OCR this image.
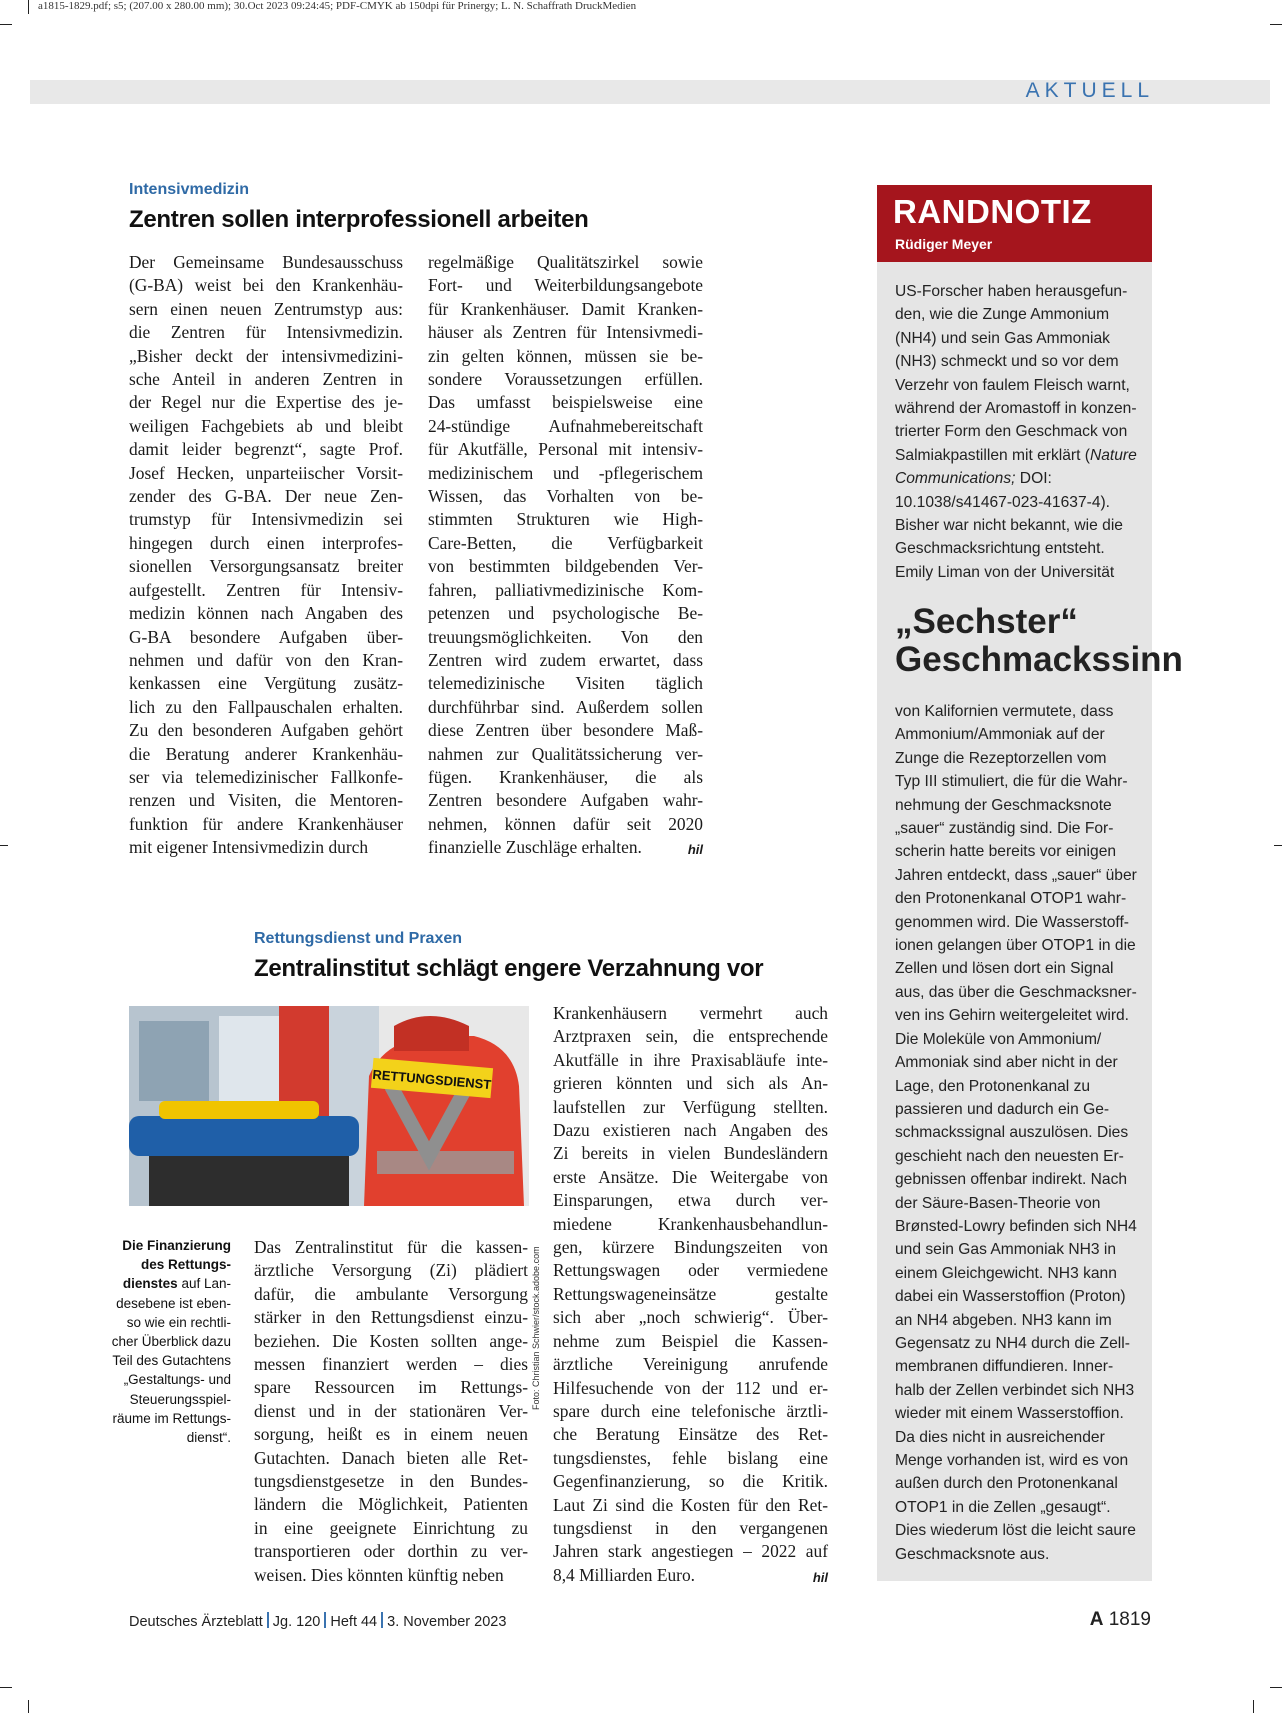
a1815-1829.pdf; s5; (207.00 x 280.00 mm); 30.Oct 2023 09:24:45; PDF-CMYK ab 150dpi für Prinergy; L. N. Schaffrath DruckMedien
AKTUELL
Intensivmedizin
Zentren sollen interprofessionell arbeiten
Der Gemeinsame Bundesausschuss
(G-BA) weist bei den Krankenhäu-
sern einen neuen Zentrumstyp aus:
die Zentren für Intensivmedizin.
„Bisher deckt der intensivmedizini-
sche Anteil in anderen Zentren in
der Regel nur die Expertise des je-
weiligen Fachgebiets ab und bleibt
damit leider begrenzt“, sagte Prof.
Josef Hecken, unparteiischer Vorsit-
zender des G-BA. Der neue Zen-
trumstyp für Intensivmedizin sei
hingegen durch einen interprofes-
sionellen Versorgungsansatz breiter
aufgestellt. Zentren für Intensiv-
medizin können nach Angaben des
G-BA besondere Aufgaben über-
nehmen und dafür von den Kran-
kenkassen eine Vergütung zusätz-
lich zu den Fallpauschalen erhalten.
Zu den besonderen Aufgaben gehört
die Beratung anderer Krankenhäu-
ser via telemedizinischer Fallkonfe-
renzen und Visiten, die Mentoren-
funktion für andere Krankenhäuser
mit eigener Intensivmedizin durch
regelmäßige Qualitätszirkel sowie
Fort- und Weiterbildungsangebote
für Krankenhäuser. Damit Kranken-
häuser als Zentren für Intensivmedi-
zin gelten können, müssen sie be-
sondere Voraussetzungen erfüllen.
Das umfasst beispielsweise eine
24-stündige Aufnahmebereitschaft
für Akutfälle, Personal mit intensiv-
medizinischem und -pflegerischem
Wissen, das Vorhalten von be-
stimmten Strukturen wie High-
Care-Betten, die Verfügbarkeit
von bestimmten bildgebenden Ver-
fahren, palliativmedizinische Kom-
petenzen und psychologische Be-
treuungsmöglichkeiten. Von den
Zentren wird zudem erwartet, dass
telemedizinische Visiten täglich
durchführbar sind. Außerdem sollen
diese Zentren über besondere Maß-
nahmen zur Qualitätssicherung ver-
fügen. Krankenhäuser, die als
Zentren besondere Aufgaben wahr-
nehmen, können dafür seit 2020
finanzielle Zuschläge erhalten.	hil
Rettungsdienst und Praxen
Zentralinstitut schlägt engere Verzahnung vor
RETTUNGSDIENST
Foto: Christian Schwier/stock.adobe.com
Die Finanzierung des Rettungsdienstes auf Landesebene ist ebenso wie ein rechtlicher Überblick dazu Teil des Gutachtens „Gestaltungs- und Steuerungsspielräume im Rettungsdienst“.
Das Zentralinstitut für die kassen-
ärztliche Versorgung (Zi) plädiert
dafür, die ambulante Versorgung
stärker in den Rettungsdienst einzu-
beziehen. Die Kosten sollten ange-
messen finanziert werden – dies
spare Ressourcen im Rettungs-
dienst und in der stationären Ver-
sorgung, heißt es in einem neuen
Gutachten. Danach bieten alle Ret-
tungsdienstgesetze in den Bundes-
ländern die Möglichkeit, Patienten
in eine geeignete Einrichtung zu
transportieren oder dorthin zu ver-
weisen. Dies könnten künftig neben
Krankenhäusern vermehrt auch
Arztpraxen sein, die entsprechende
Akutfälle in ihre Praxisabläufe inte-
grieren könnten und sich als An-
laufstellen zur Verfügung stellten.
Dazu existieren nach Angaben des
Zi bereits in vielen Bundesländern
erste Ansätze. Die Weitergabe von
Einsparungen, etwa durch ver-
miedene Krankenhausbehandlun-
gen, kürzere Bindungszeiten von
Rettungswagen oder vermiedene
Rettungswageneinsätze gestalte
sich aber „noch schwierig“. Über-
nehme zum Beispiel die Kassen-
ärztliche Vereinigung anrufende
Hilfesuchende von der 112 und er-
spare durch eine telefonische ärztli-
che Beratung Einsätze des Ret-
tungsdienstes, fehle bislang eine
Gegenfinanzierung, so die Kritik.
Laut Zi sind die Kosten für den Ret-
tungsdienst in den vergangenen
Jahren stark angestiegen – 2022 auf
8,4 Milliarden Euro.	hil
RANDNOTIZ
Rüdiger Meyer
US-Forscher haben herausgefun-
den, wie die Zunge Ammonium
(NH4) und sein Gas Ammoniak
(NH3) schmeckt und so vor dem
Verzehr von faulem Fleisch warnt,
während der Aromastoff in konzen-
trierter Form den Geschmack von
Salmiakpastillen mit erklärt (Nature Communications; DOI:
10.1038/s41467-023-41637-4).
Bisher war nicht bekannt, wie die
Geschmacksrichtung entsteht.
Emily Liman von der Universität
„Sechster“
Geschmackssinn
von Kalifornien vermutete, dass
Ammonium/Ammoniak auf der
Zunge die Rezeptorzellen vom
Typ III stimuliert, die für die Wahr-
nehmung der Geschmacksnote
„sauer“ zuständig sind. Die For-
scherin hatte bereits vor einigen
Jahren entdeckt, dass „sauer“ über
den Protonenkanal OTOP1 wahr-
genommen wird. Die Wasserstoff-
ionen gelangen über OTOP1 in die
Zellen und lösen dort ein Signal
aus, das über die Geschmacksner-
ven ins Gehirn weitergeleitet wird.
Die Moleküle von Ammonium/
Ammoniak sind aber nicht in der
Lage, den Protonenkanal zu
passieren und dadurch ein Ge-
schmackssignal auszulösen. Dies
geschieht nach den neuesten Er-
gebnissen offenbar indirekt. Nach
der Säure-Basen-Theorie von
Brønsted-Lowry befinden sich NH4
und sein Gas Ammoniak NH3 in
einem Gleichgewicht. NH3 kann
dabei ein Wasserstoffion (Proton)
an NH4 abgeben. NH3 kann im
Gegensatz zu NH4 durch die Zell-
membranen diffundieren. Inner-
halb der Zellen verbindet sich NH3
wieder mit einem Wasserstoffion.
Da dies nicht in ausreichender
Menge vorhanden ist, wird es von
außen durch den Protonenkanal
OTOP1 in die Zellen „gesaugt“.
Dies wiederum löst die leicht saure
Geschmacksnote aus.
Deutsches Ärzteblatt Jg. 120 Heft 44 3. November 2023	A 1819
